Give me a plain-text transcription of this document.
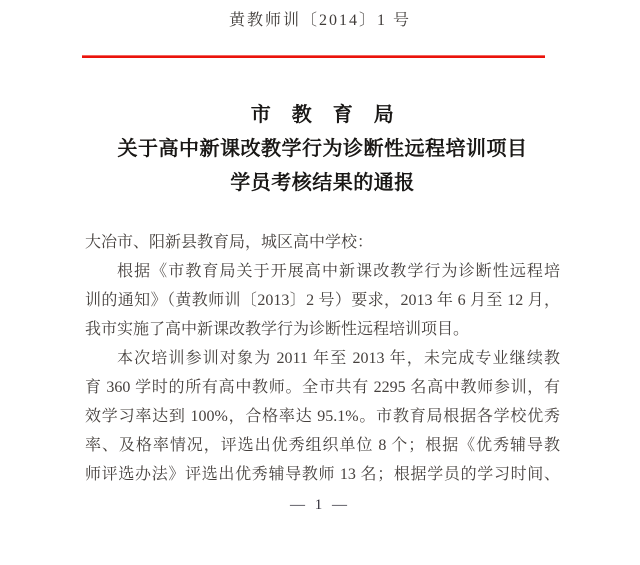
黄教师训〔2014〕1 号
市　教　育　局
关于高中新课改教学行为诊断性远程培训项目
学员考核结果的通报
大冶市、阳新县教育局，城区高中学校：
根据《市教育局关于开展高中新课改教学行为诊断性远程培
训的通知》（黄教师训〔2013〕2 号）要求，2013 年 6 月至 12 月，
我市实施了高中新课改教学行为诊断性远程培训项目。
本次培训参训对象为 2011 年至 2013 年，未完成专业继续教
育 360 学时的所有高中教师。全市共有 2295 名高中教师参训，有
效学习率达到 100%，合格率达 95.1%。市教育局根据各学校优秀
率、及格率情况，评选出优秀组织单位 8 个；根据《优秀辅导教
师评选办法》评选出优秀辅导教师 13 名；根据学员的学习时间、
— 1 —
